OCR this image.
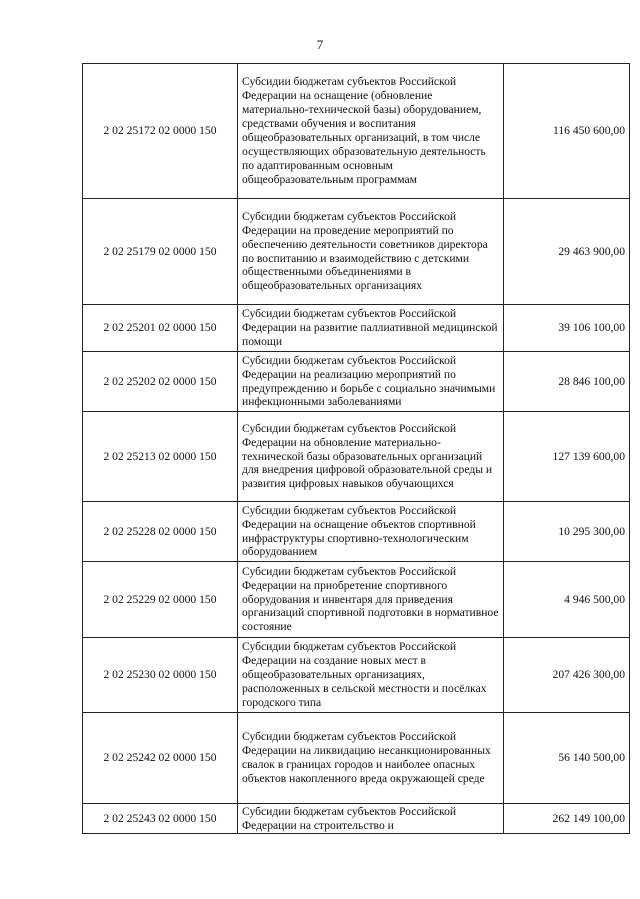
7
2 02 25172 02 0000 150	Субсидии бюджетам субъектов Российской Федерации на оснащение (обновление материально-технической базы) оборудованием, средствами обучения и воспитания общеобразовательных организаций, в том числе осуществляющих образовательную деятельность по адаптированным основным общеобразовательным программам	116 450 600,00
2 02 25179 02 0000 150	Субсидии бюджетам субъектов Российской Федерации на проведение мероприятий по обеспечению деятельности советников директора по воспитанию и взаимодействию с детскими общественными объединениями в общеобразовательных организациях	29 463 900,00
2 02 25201 02 0000 150	Субсидии бюджетам субъектов Российской Федерации на развитие паллиативной медицинской помощи	39 106 100,00
2 02 25202 02 0000 150	Субсидии бюджетам субъектов Российской Федерации на реализацию мероприятий по предупреждению и борьбе с социально значимыми инфекционными заболеваниями	28 846 100,00
2 02 25213 02 0000 150	Субсидии бюджетам субъектов Российской Федерации на обновление материально-технической базы образовательных организаций для внедрения цифровой образовательной среды и развития цифровых навыков обучающихся	127 139 600,00
2 02 25228 02 0000 150	Субсидии бюджетам субъектов Российской Федерации на оснащение объектов спортивной инфраструктуры спортивно-технологическим оборудованием	10 295 300,00
2 02 25229 02 0000 150	Субсидии бюджетам субъектов Российской Федерации на приобретение спортивного оборудования и инвентаря для приведения организаций спортивной подготовки в нормативное состояние	4 946 500,00
2 02 25230 02 0000 150	Субсидии бюджетам субъектов Российской Федерации на создание новых мест в общеобразовательных организациях, расположенных в сельской местности и посёлках городского типа	207 426 300,00
2 02 25242 02 0000 150	Субсидии бюджетам субъектов Российской Федерации на ликвидацию несанкционированных свалок в границах городов и наиболее опасных объектов накопленного вреда окружающей среде	56 140 500,00
2 02 25243 02 0000 150	Субсидии бюджетам субъектов Российской Федерации на строительство и	262 149 100,00
